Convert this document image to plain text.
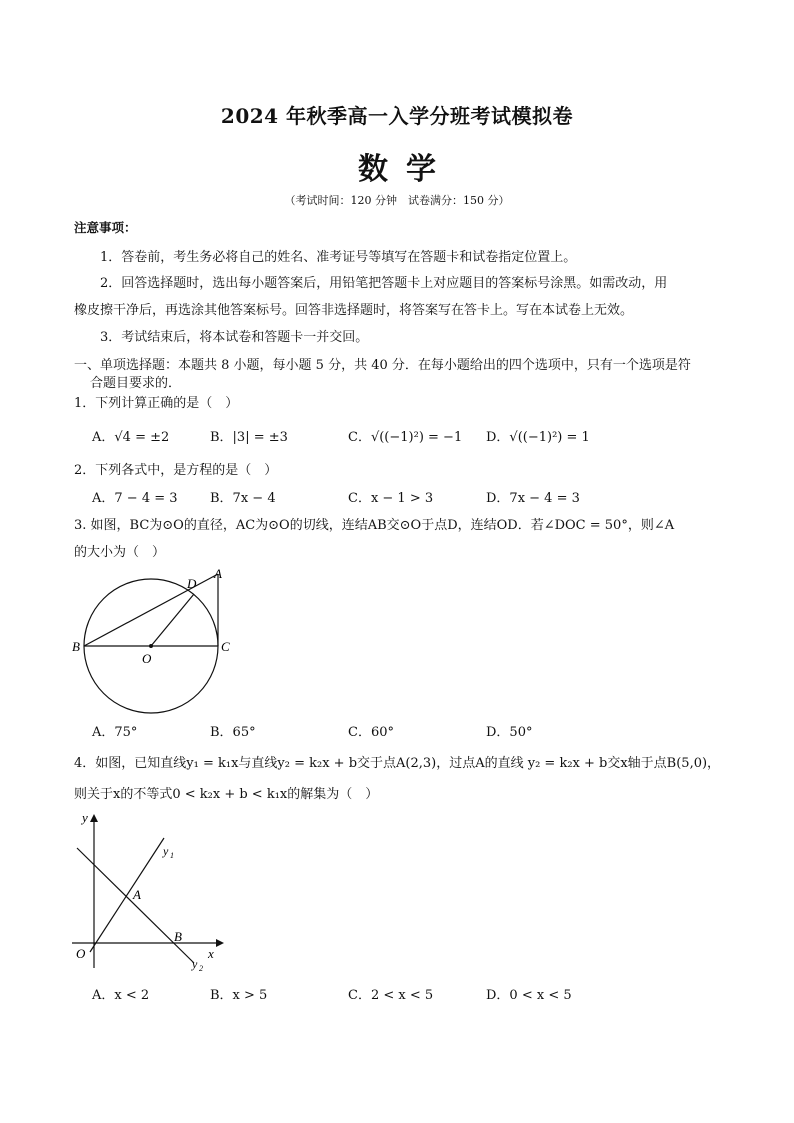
2024 年秋季高一入学分班考试模拟卷
数学
（考试时间：120 分钟　试卷满分：150 分）
注意事项：
1．答卷前，考生务必将自己的姓名、准考证号等填写在答题卡和试卷指定位置上。
2．回答选择题时，选出每小题答案后，用铅笔把答题卡上对应题目的答案标号涂黑。如需改动，用
橡皮擦干净后，再选涂其他答案标号。回答非选择题时，将答案写在答卡上。写在本试卷上无效。
3．考试结束后，将本试卷和答题卡一并交回。
一、单项选择题：本题共 8 小题，每小题 5 分，共 40 分．在每小题给出的四个选项中，只有一个选项是符
合题目要求的．
1．下列计算正确的是（　）
A．√4 = ±2	B．|3| = ±3	C．√((−1)²) = −1 D．√((−1)²) = 1
2．下列各式中，是方程的是（　）
A．7 − 4 = 3 B．7x − 4	C．x − 1 > 3	D．7x − 4 = 3
3. 如图，BC为⊙O的直径，AC为⊙O的切线，连结AB交⊙O于点D，连结OD．若∠DOC = 50°，则∠A
的大小为（　）
B	C
A
D
O
A．75°	B．65°	C．60°	D．50°
4．如图，已知直线y₁ = k₁x与直线y₂ = k₂x + b交于点A(2,3)，过点A的直线 y₂ = k₂x + b交x轴于点B(5,0)，
则关于x的不等式0 < k₂x + b < k₁x的解集为（　）
y
x
O
A
B
y 1
y 2
A．x < 2	B．x > 5	C．2 < x < 5	D．0 < x < 5
